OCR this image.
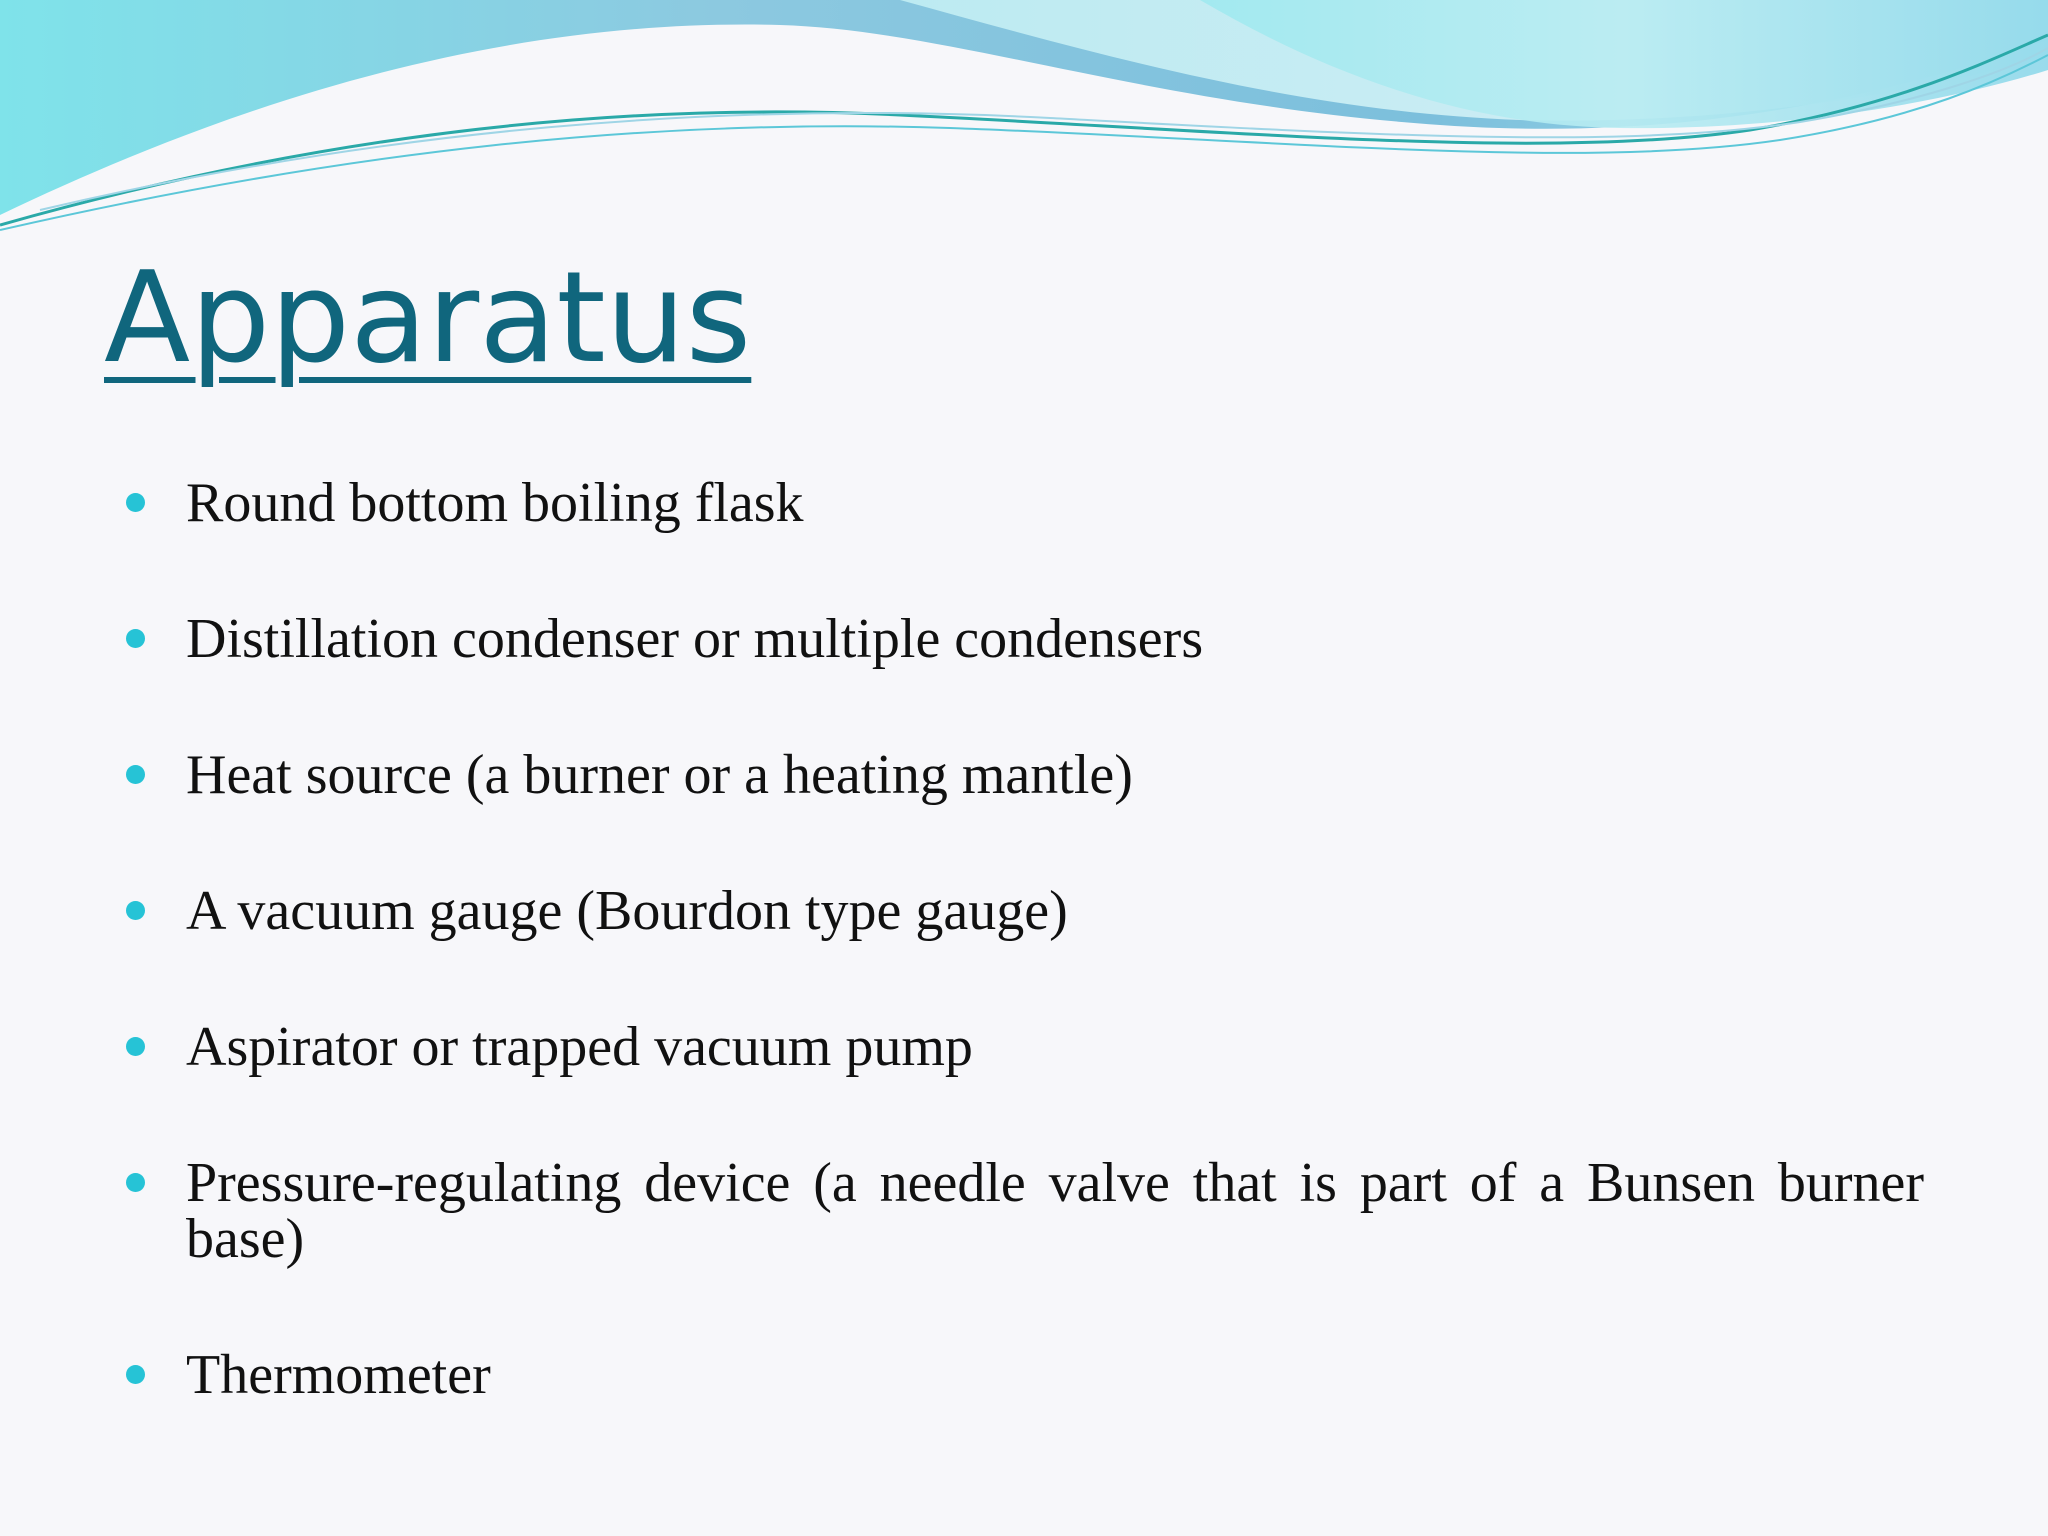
Apparatus
Round bottom boiling flask
Distillation condenser or multiple condensers
Heat source (a burner or a heating mantle)
A vacuum gauge (Bourdon type gauge)
Aspirator or trapped vacuum pump
Pressure-regulating device (a needle valve that is part of a Bunsen burner base)
Thermometer
